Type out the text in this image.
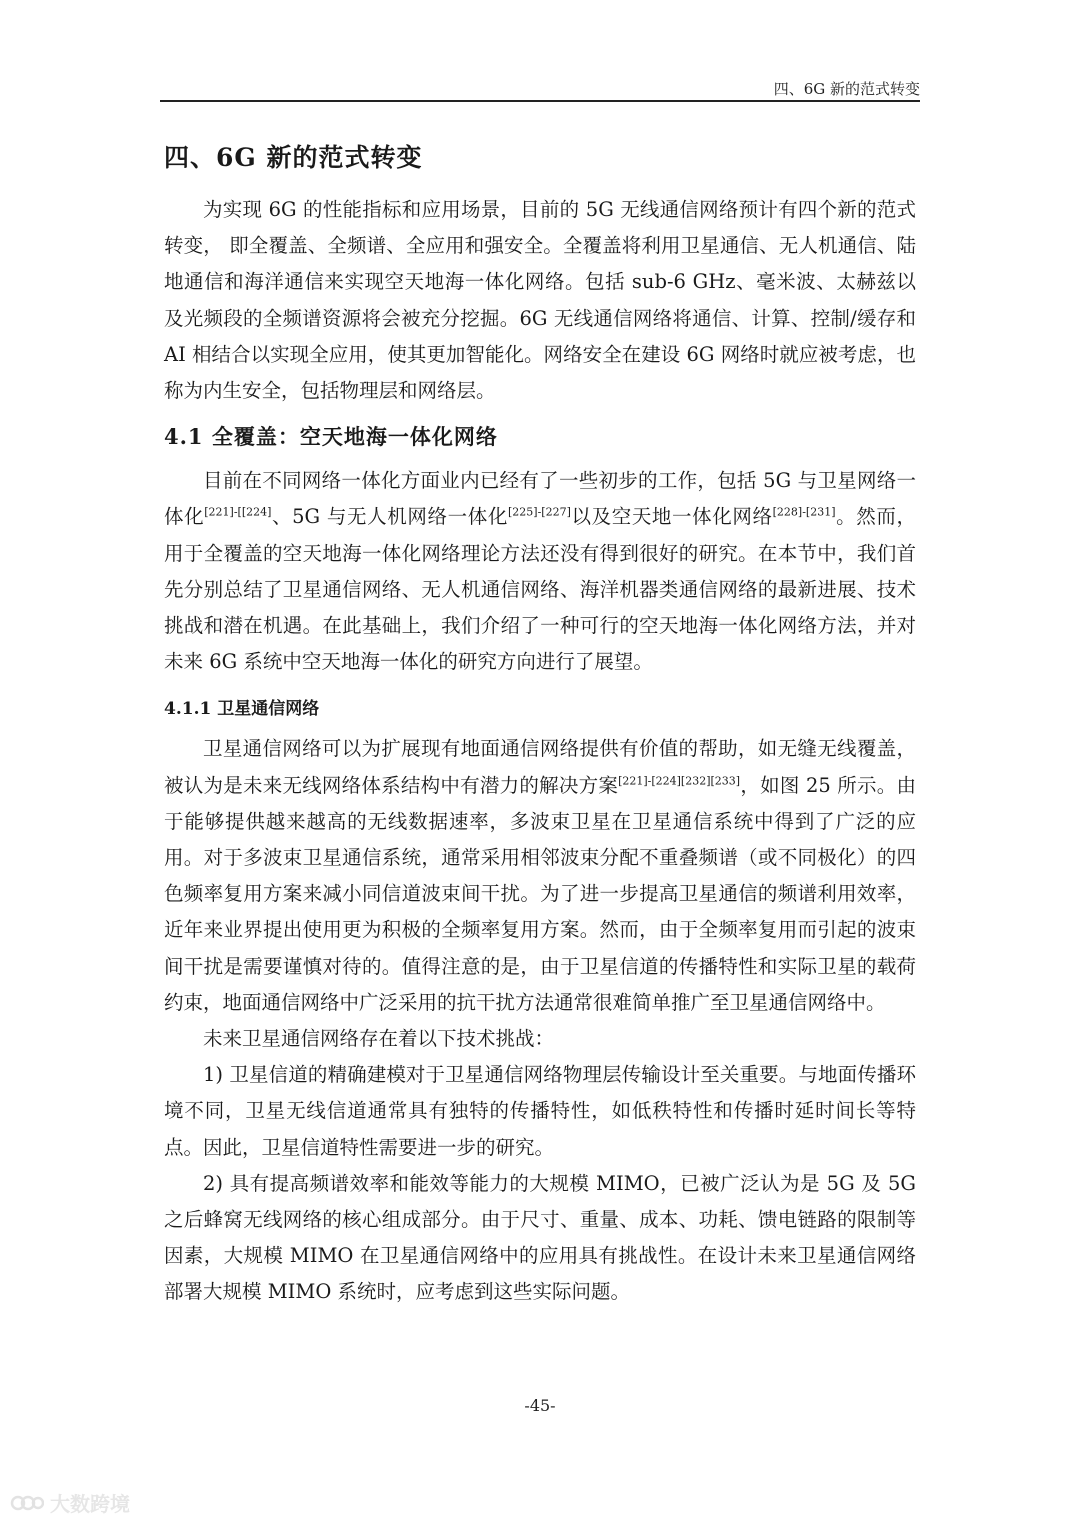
四、6G 新的范式转变
四、6G 新的范式转变

为实现 6G 的性能指标和应用场景，目前的 5G 无线通信网络预计有四个新的范式转变， 即全覆盖、全频谱、全应用和强安全。全覆盖将利用卫星通信、无人机通信、陆地通信和海洋通信来实现空天地海一体化网络。包括 sub-6 GHz、毫米波、太赫兹以及光频段的全频谱资源将会被充分挖掘。6G 无线通信网络将通信、计算、控制/缓存和 AI 相结合以实现全应用，使其更加智能化。网络安全在建设 6G 网络时就应被考虑，也称为内生安全，包括物理层和网络层。

4.1 全覆盖：空天地海一体化网络

目前在不同网络一体化方面业内已经有了一些初步的工作，包括 5G 与卫星网络一体化[221]-[[224]、5G 与无人机网络一体化[225]-[227]以及空天地一体化网络[228]-[231]。然而，用于全覆盖的空天地海一体化网络理论方法还没有得到很好的研究。在本节中，我们首先分别总结了卫星通信网络、无人机通信网络、海洋机器类通信网络的最新进展、技术挑战和潜在机遇。在此基础上，我们介绍了一种可行的空天地海一体化网络方法，并对未来 6G 系统中空天地海一体化的研究方向进行了展望。

4.1.1 卫星通信网络

卫星通信网络可以为扩展现有地面通信网络提供有价值的帮助，如无缝无线覆盖，被认为是未来无线网络体系结构中有潜力的解决方案[221]-[224][232][233]，如图 25 所示。由于能够提供越来越高的无线数据速率，多波束卫星在卫星通信系统中得到了广泛的应用。对于多波束卫星通信系统，通常采用相邻波束分配不重叠频谱（或不同极化）的四色频率复用方案来减小同信道波束间干扰。为了进一步提高卫星通信的频谱利用效率，近年来业界提出使用更为积极的全频率复用方案。然而，由于全频率复用而引起的波束间干扰是需要谨慎对待的。值得注意的是，由于卫星信道的传播特性和实际卫星的载荷约束，地面通信网络中广泛采用的抗干扰方法通常很难简单推广至卫星通信网络中。

未来卫星通信网络存在着以下技术挑战：

1) 卫星信道的精确建模对于卫星通信网络物理层传输设计至关重要。与地面传播环境不同，卫星无线信道通常具有独特的传播特性，如低秩特性和传播时延时间长等特点。因此，卫星信道特性需要进一步的研究。

2) 具有提高频谱效率和能效等能力的大规模 MIMO，已被广泛认为是 5G 及 5G 之后蜂窝无线网络的核心组成部分。由于尺寸、重量、成本、功耗、馈电链路的限制等因素，大规模 MIMO 在卫星通信网络中的应用具有挑战性。在设计未来卫星通信网络部署大规模 MIMO 系统时，应考虑到这些实际问题。

-45-
大数跨境
